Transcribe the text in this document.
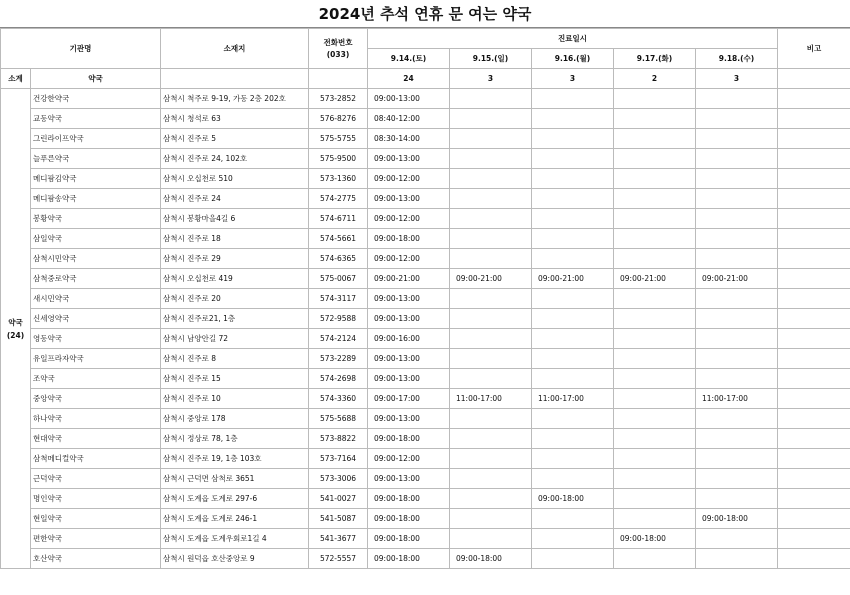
2024년 추석 연휴 문 여는 약국
기관명		소재지	전화번호
(033)	진료일시					비고
				9.14.(토)	9.15.(일)	9.16.(월)	9.17.(화)	9.18.(수)	
소계	약국			24	3	3	2	3	

약국
(24)	건강한약국	삼척시 척주로 9-19, 가동 2층 202호	573-2852	09:00-13:00					
	교동약국	삼척시 청석로 63	576-8276	08:40-12:00					
	그린라이프약국	삼척시 진주로 5	575-5755	08:30-14:00					
	늘푸른약국	삼척시 진주로 24, 102호	575-9500	09:00-13:00					
	메디팜김약국	삼척시 오십천로 510	573-1360	09:00-12:00					
	메디팜송약국	삼척시 진주로 24	574-2775	09:00-13:00					
	봉황약국	삼척시 봉황마을4길 6	574-6711	09:00-12:00					
	삼일약국	삼척시 진주로 18	574-5661	09:00-18:00					
	삼척시민약국	삼척시 진주로 29	574-6365	09:00-12:00					
	삼척중로약국	삼척시 오십천로 419	575-0067	09:00-21:00	09:00-21:00	09:00-21:00	09:00-21:00	09:00-21:00	
	새시민약국	삼척시 진주로 20	574-3117	09:00-13:00					
	신세영약국	삼척시 진주로21, 1층	572-9588	09:00-13:00					
	영동약국	삼척시 남양안길 72	574-2124	09:00-16:00					
	유일프라자약국	삼척시 진주로 8	573-2289	09:00-13:00					
	조약국	삼척시 진주로 15	574-2698	09:00-13:00					
	중앙약국	삼척시 진주로 10	574-3360	09:00-17:00	11:00-17:00	11:00-17:00		11:00-17:00	
	하나약국	삼척시 중앙로 178	575-5688	09:00-13:00					
	현대약국	삼척시 정상로 78, 1층	573-8822	09:00-18:00					
	삼척메디컬약국	삼척시 진주로 19, 1층 103호	573-7164	09:00-12:00					
	근덕약국	삼척시 근덕면 삼척로 3651	573-3006	09:00-13:00					
	명인약국	삼척시 도계읍 도계로 297-6	541-0027	09:00-18:00		09:00-18:00			
	현일약국	삼척시 도계읍 도계로 246-1	541-5087	09:00-18:00				09:00-18:00	
	편한약국	삼척시 도계읍 도계우회로1길 4	541-3677	09:00-18:00			09:00-18:00		
	호산약국	삼척시 원덕읍 호산중앙로 9	572-5557	09:00-18:00	09:00-18:00				
